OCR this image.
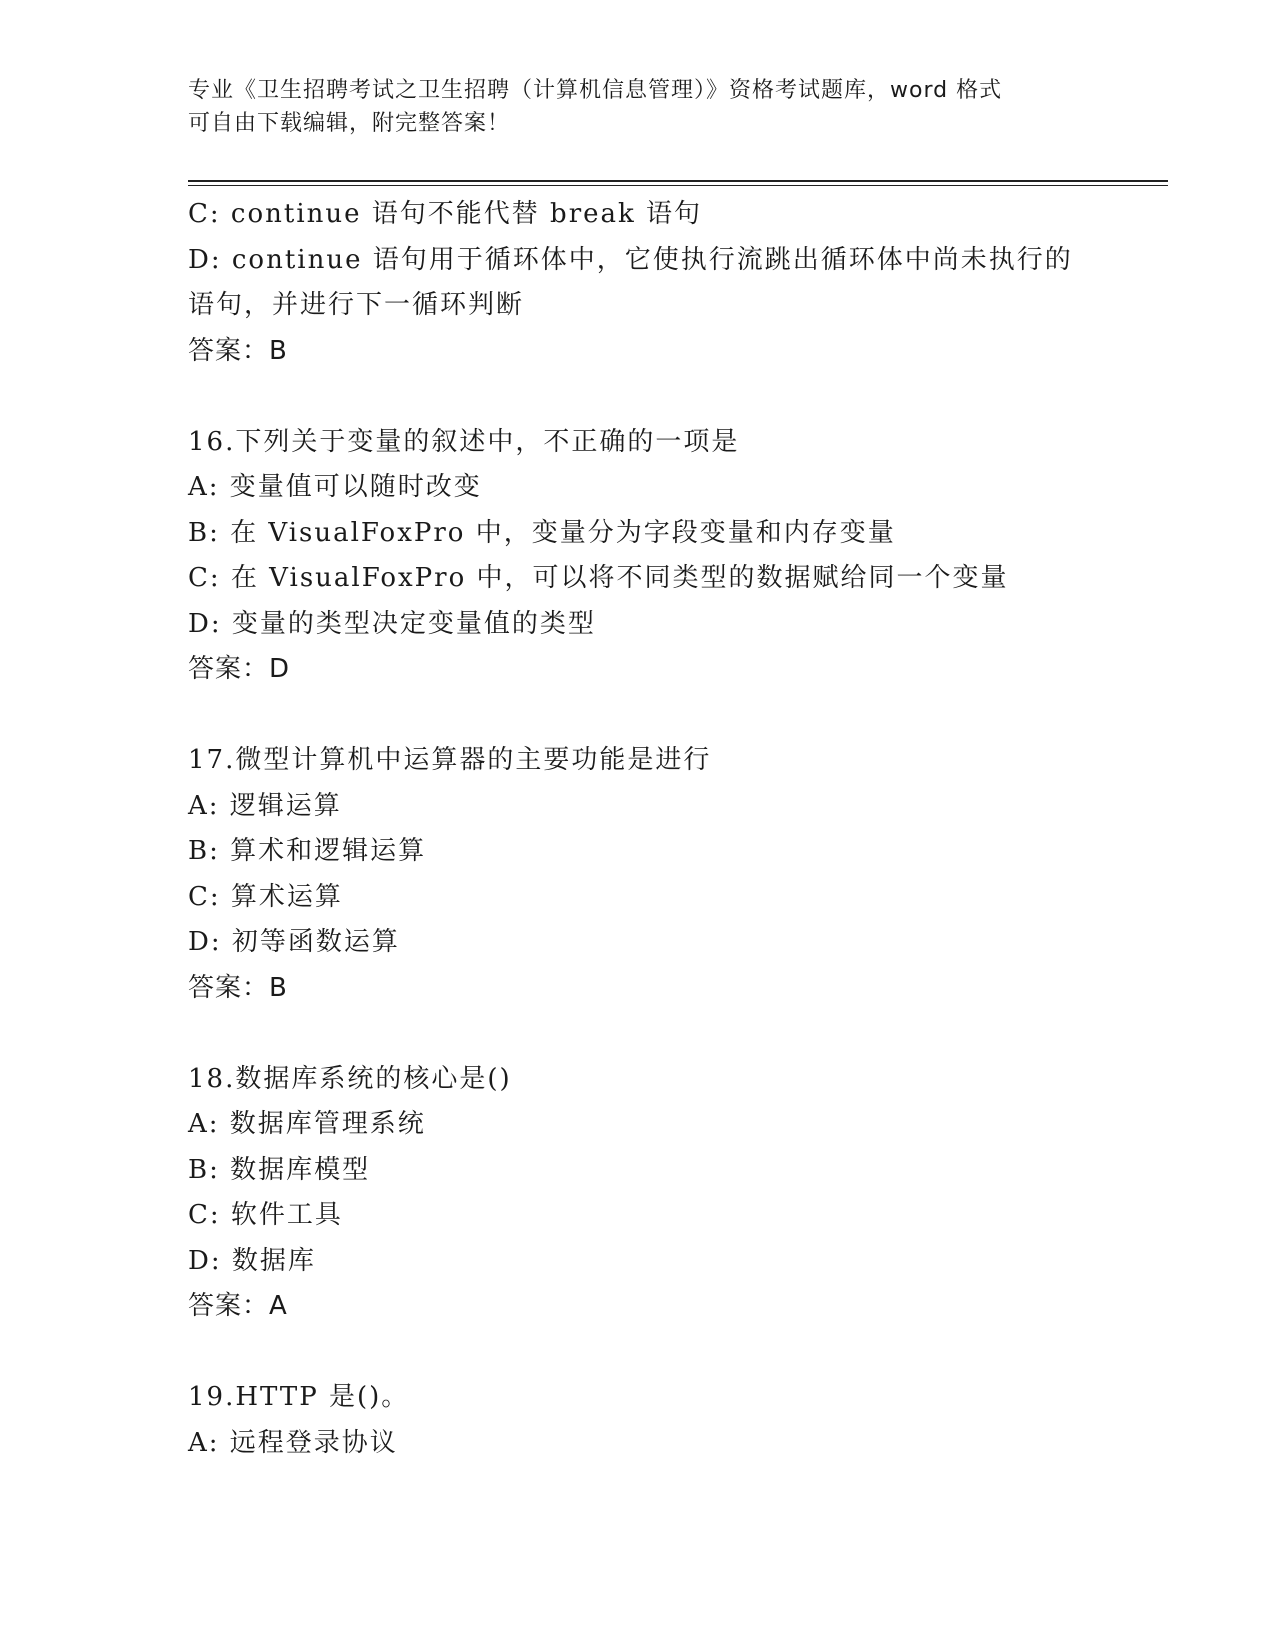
专业《卫生招聘考试之卫生招聘（计算机信息管理）》资格考试题库，word 格式
可自由下载编辑，附完整答案！
C: continue 语句不能代替 break 语句
D: continue 语句用于循环体中，它使执行流跳出循环体中尚未执行的
语句，并进行下一循环判断
答案：B
16.下列关于变量的叙述中，不正确的一项是
A: 变量值可以随时改变
B: 在 VisualFoxPro 中，变量分为字段变量和内存变量
C: 在 VisualFoxPro 中，可以将不同类型的数据赋给同一个变量
D: 变量的类型决定变量值的类型
答案：D
17.微型计算机中运算器的主要功能是进行
A: 逻辑运算
B: 算术和逻辑运算
C: 算术运算
D: 初等函数运算
答案：B
18.数据库系统的核心是()
A: 数据库管理系统
B: 数据库模型
C: 软件工具
D: 数据库
答案：A
19.HTTP 是()。
A: 远程登录协议
